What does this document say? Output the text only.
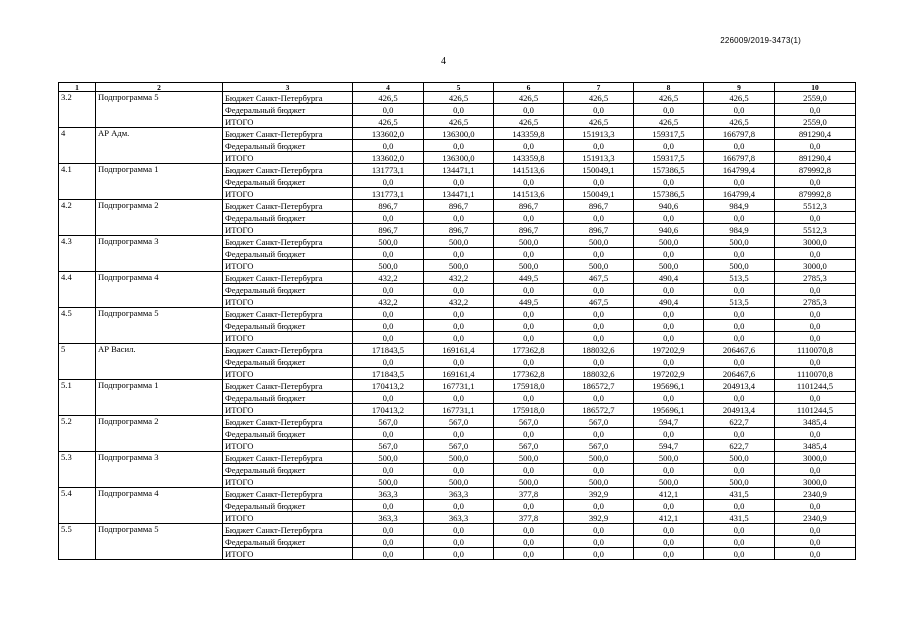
226009/2019-3473(1)
4
1	2	3	4	5	6	7	8	9	10
3.2	Подпрограмма 5	Бюджет Санкт-Петербурга	426,5	426,5	426,5	426,5	426,5	426,5	2559,0
		Федеральный бюджет	0,0	0,0	0,0	0,0	0,0	0,0	0,0
		ИТОГО	426,5	426,5	426,5	426,5	426,5	426,5	2559,0
4	АР Адм.	Бюджет Санкт-Петербурга	133602,0	136300,0	143359,8	151913,3	159317,5	166797,8	891290,4
		Федеральный бюджет	0,0	0,0	0,0	0,0	0,0	0,0	0,0
		ИТОГО	133602,0	136300,0	143359,8	151913,3	159317,5	166797,8	891290,4
4.1	Подпрограмма 1	Бюджет Санкт-Петербурга	131773,1	134471,1	141513,6	150049,1	157386,5	164799,4	879992,8
		Федеральный бюджет	0,0	0,0	0,0	0,0	0,0	0,0	0,0
		ИТОГО	131773,1	134471,1	141513,6	150049,1	157386,5	164799,4	879992,8
4.2	Подпрограмма 2	Бюджет Санкт-Петербурга	896,7	896,7	896,7	896,7	940,6	984,9	5512,3
		Федеральный бюджет	0,0	0,0	0,0	0,0	0,0	0,0	0,0
		ИТОГО	896,7	896,7	896,7	896,7	940,6	984,9	5512,3
4.3	Подпрограмма 3	Бюджет Санкт-Петербурга	500,0	500,0	500,0	500,0	500,0	500,0	3000,0
		Федеральный бюджет	0,0	0,0	0,0	0,0	0,0	0,0	0,0
		ИТОГО	500,0	500,0	500,0	500,0	500,0	500,0	3000,0
4.4	Подпрограмма 4	Бюджет Санкт-Петербурга	432,2	432,2	449,5	467,5	490,4	513,5	2785,3
		Федеральный бюджет	0,0	0,0	0,0	0,0	0,0	0,0	0,0
		ИТОГО	432,2	432,2	449,5	467,5	490,4	513,5	2785,3
4.5	Подпрограмма 5	Бюджет Санкт-Петербурга	0,0	0,0	0,0	0,0	0,0	0,0	0,0
		Федеральный бюджет	0,0	0,0	0,0	0,0	0,0	0,0	0,0
		ИТОГО	0,0	0,0	0,0	0,0	0,0	0,0	0,0
5	АР Васил.	Бюджет Санкт-Петербурга	171843,5	169161,4	177362,8	188032,6	197202,9	206467,6	1110070,8
		Федеральный бюджет	0,0	0,0	0,0	0,0	0,0	0,0	0,0
		ИТОГО	171843,5	169161,4	177362,8	188032,6	197202,9	206467,6	1110070,8
5.1	Подпрограмма 1	Бюджет Санкт-Петербурга	170413,2	167731,1	175918,0	186572,7	195696,1	204913,4	1101244,5
		Федеральный бюджет	0,0	0,0	0,0	0,0	0,0	0,0	0,0
		ИТОГО	170413,2	167731,1	175918,0	186572,7	195696,1	204913,4	1101244,5
5.2	Подпрограмма 2	Бюджет Санкт-Петербурга	567,0	567,0	567,0	567,0	594,7	622,7	3485,4
		Федеральный бюджет	0,0	0,0	0,0	0,0	0,0	0,0	0,0
		ИТОГО	567,0	567,0	567,0	567,0	594,7	622,7	3485,4
5.3	Подпрограмма 3	Бюджет Санкт-Петербурга	500,0	500,0	500,0	500,0	500,0	500,0	3000,0
		Федеральный бюджет	0,0	0,0	0,0	0,0	0,0	0,0	0,0
		ИТОГО	500,0	500,0	500,0	500,0	500,0	500,0	3000,0
5.4	Подпрограмма 4	Бюджет Санкт-Петербурга	363,3	363,3	377,8	392,9	412,1	431,5	2340,9
		Федеральный бюджет	0,0	0,0	0,0	0,0	0,0	0,0	0,0
		ИТОГО	363,3	363,3	377,8	392,9	412,1	431,5	2340,9
5.5	Подпрограмма 5	Бюджет Санкт-Петербурга	0,0	0,0	0,0	0,0	0,0	0,0	0,0
		Федеральный бюджет	0,0	0,0	0,0	0,0	0,0	0,0	0,0
		ИТОГО	0,0	0,0	0,0	0,0	0,0	0,0	0,0
